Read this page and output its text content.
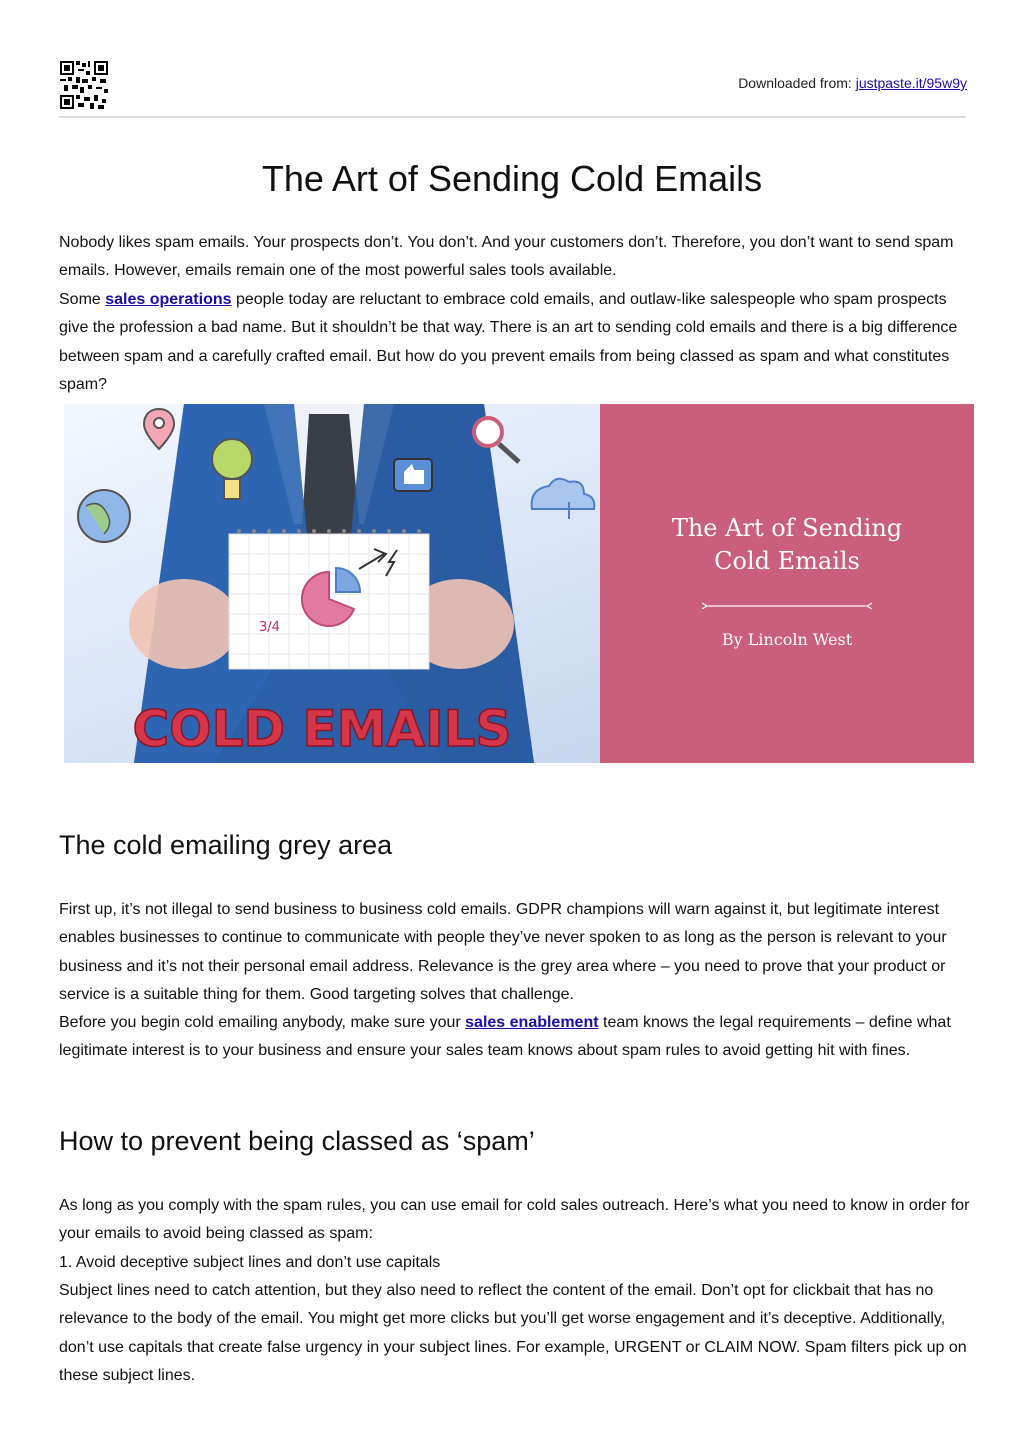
Downloaded from: justpaste.it/95w9y
The Art of Sending Cold Emails

Nobody likes spam emails. Your prospects don’t. You don’t. And your customers don’t. Therefore, you don’t want to send spam emails. However, emails remain one of the most powerful sales tools available.

Some sales operations people today are reluctant to embrace cold emails, and outlaw-like salespeople who spam prospects give the profession a bad name. But it shouldn’t be that way. There is an art to sending cold emails and there is a big difference between spam and a carefully crafted email. But how do you prevent emails from being classed as spam and what constitutes spam?

3/4
COLD EMAILS
The Art of Sending
Cold Emails
By Lincoln West
The cold emailing grey area

First up, it’s not illegal to send business to business cold emails. GDPR champions will warn against it, but legitimate interest enables businesses to continue to communicate with people they’ve never spoken to as long as the person is relevant to your business and it’s not their personal email address. Relevance is the grey area where – you need to prove that your product or service is a suitable thing for them. Good targeting solves that challenge.

Before you begin cold emailing anybody, make sure your sales enablement team knows the legal requirements – define what legitimate interest is to your business and ensure your sales team knows about spam rules to avoid getting hit with fines.

How to prevent being classed as ‘spam’

As long as you comply with the spam rules, you can use email for cold sales outreach. Here’s what you need to know in order for your emails to avoid being classed as spam:

1. Avoid deceptive subject lines and don’t use capitals

Subject lines need to catch attention, but they also need to reflect the content of the email. Don’t opt for clickbait that has no relevance to the body of the email. You might get more clicks but you’ll get worse engagement and it’s deceptive. Additionally, don’t use capitals that create false urgency in your subject lines. For example, URGENT or CLAIM NOW. Spam filters pick up on these subject lines.
